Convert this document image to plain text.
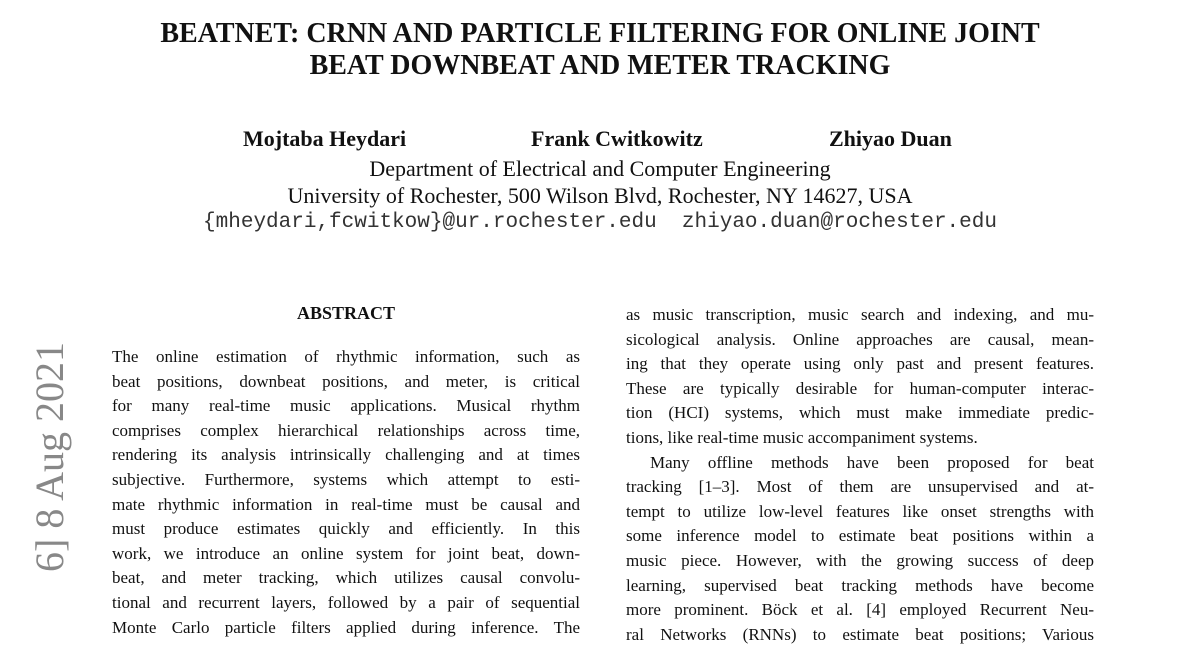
BEATNET: CRNN AND PARTICLE FILTERING FOR ONLINE JOINT
BEAT DOWNBEAT AND METER TRACKING
Mojtaba Heydari	Frank Cwitkowitz	Zhiyao Duan
Department of Electrical and Computer Engineering
University of Rochester, 500 Wilson Blvd, Rochester, NY 14627, USA
{mheydari,fcwitkow}@ur.rochester.edu  zhiyao.duan@rochester.edu
6] 8 Aug 2021
ABSTRACT
The online estimation of rhythmic information, such as
beat positions, downbeat positions, and meter, is critical
for many real-time music applications. Musical rhythm
comprises complex hierarchical relationships across time,
rendering its analysis intrinsically challenging and at times
subjective. Furthermore, systems which attempt to esti-
mate rhythmic information in real-time must be causal and
must produce estimates quickly and efficiently. In this
work, we introduce an online system for joint beat, down-
beat, and meter tracking, which utilizes causal convolu-
tional and recurrent layers, followed by a pair of sequential
Monte Carlo particle filters applied during inference. The
as music transcription, music search and indexing, and mu-
sicological analysis. Online approaches are causal, mean-
ing that they operate using only past and present features.
These are typically desirable for human-computer interac-
tion (HCI) systems, which must make immediate predic-
tions, like real-time music accompaniment systems.
Many offline methods have been proposed for beat
tracking [1–3]. Most of them are unsupervised and at-
tempt to utilize low-level features like onset strengths with
some inference model to estimate beat positions within a
music piece. However, with the growing success of deep
learning, supervised beat tracking methods have become
more prominent. Böck et al. [4] employed Recurrent Neu-
ral Networks (RNNs) to estimate beat positions; Various
